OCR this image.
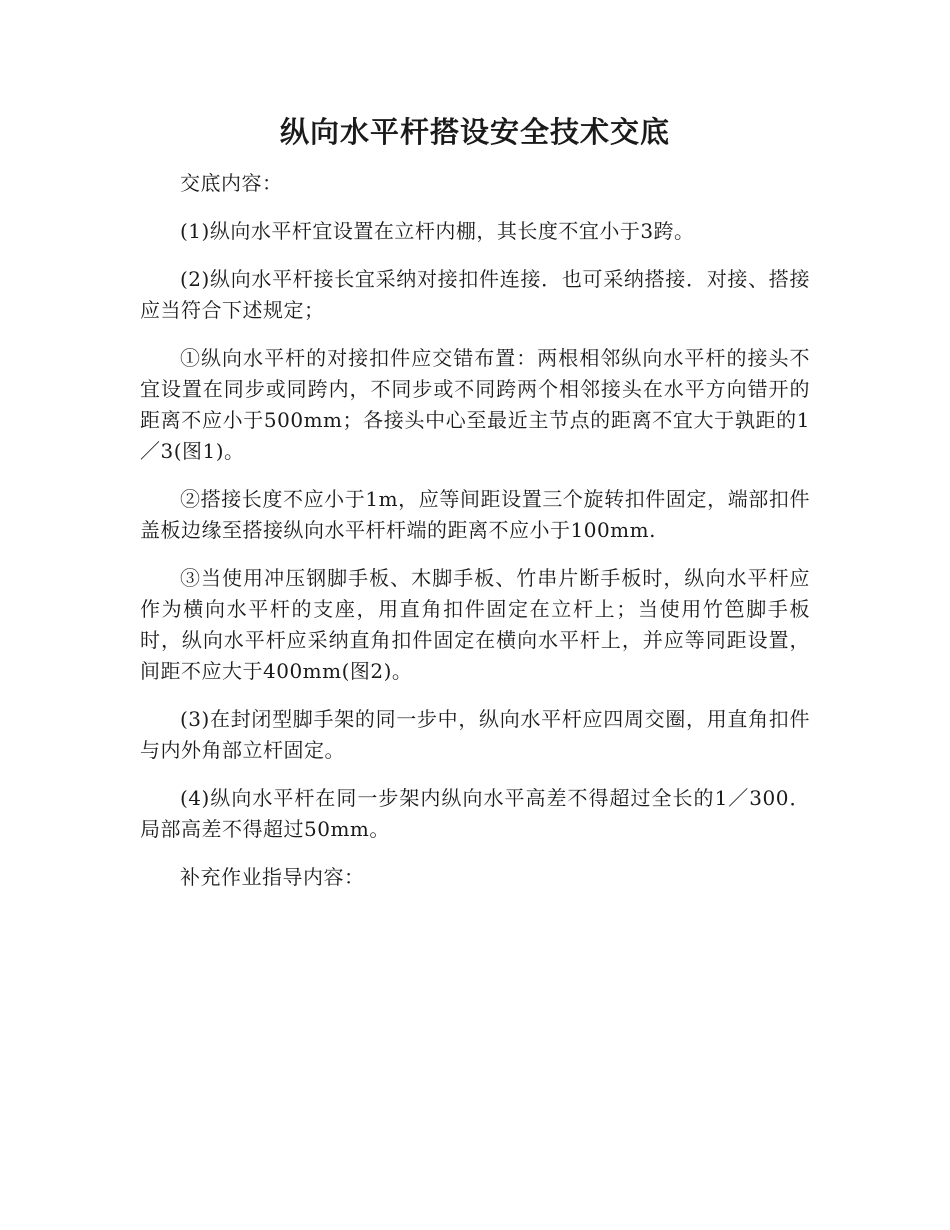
纵向水平杆搭设安全技术交底

交底内容：

(1)纵向水平杆宜设置在立杆内棚，其长度不宜小于3跨。

(2)纵向水平杆接长宜采纳对接扣件连接．也可采纳搭接．对接、搭接应当符合下述规定；

①纵向水平杆的对接扣件应交错布置：两根相邻纵向水平杆的接头不宜设置在同步或同跨内，不同步或不同跨两个相邻接头在水平方向错开的距离不应小于500mm；各接头中心至最近主节点的距离不宜大于孰距的1／3(图1)。

②搭接长度不应小于1m，应等间距设置三个旋转扣件固定，端部扣件盖板边缘至搭接纵向水平杆杆端的距离不应小于100mm.

③当使用冲压钢脚手板、木脚手板、竹串片断手板时，纵向水平杆应作为横向水平杆的支座，用直角扣件固定在立杆上；当使用竹笆脚手板时，纵向水平杆应采纳直角扣件固定在横向水平杆上，并应等同距设置，间距不应大于400mm(图2)。

(3)在封闭型脚手架的同一步中，纵向水平杆应四周交圈，用直角扣件与内外角部立杆固定。

(4)纵向水平杆在同一步架内纵向水平高差不得超过全长的1／300．局部高差不得超过50mm。

补充作业指导内容：
